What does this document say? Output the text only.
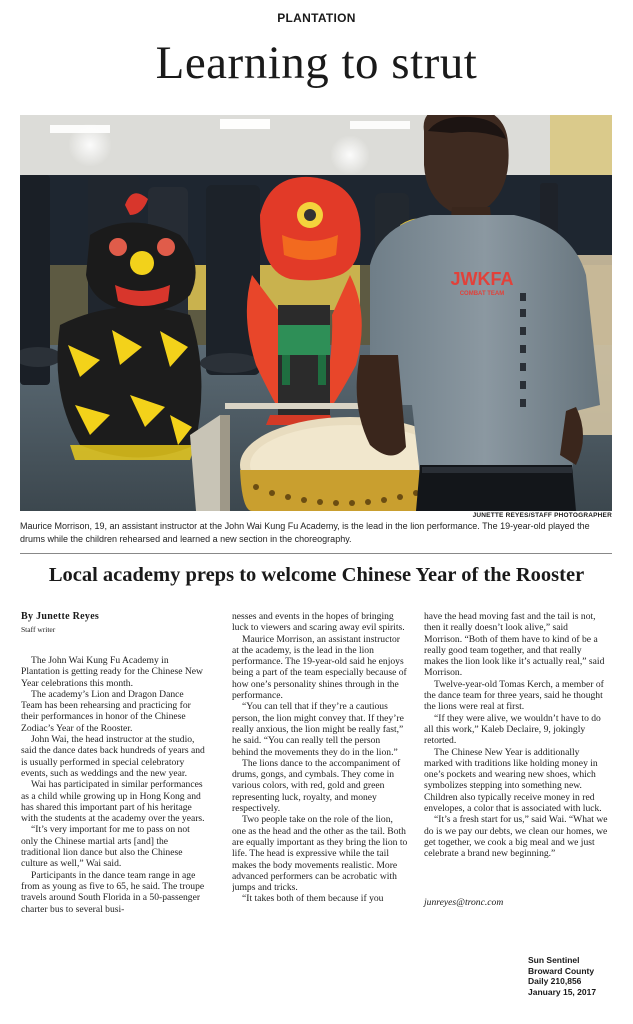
PLANTATION
Learning to strut
JWKFA
COMBAT TEAM
JUNETTE REYES/STAFF PHOTOGRAPHER
Maurice Morrison, 19, an assistant instructor at the John Wai Kung Fu Academy, is the lead in the lion performance. The 19-year-old played the drums while the children rehearsed and learned a new section in the choreography.
Local academy preps to welcome Chinese Year of the Rooster
By Junette Reyes
Staff writer

The John Wai Kung Fu Academy in Plantation is getting ready for the Chinese New Year celebrations this month.

The academy’s Lion and Dragon Dance Team has been rehearsing and practicing for their performances in honor of the Chinese Zodiac’s Year of the Rooster.

John Wai, the head instructor at the studio, said the dance dates back hundreds of years and is usually performed in special celebratory events, such as weddings and the new year.

Wai has participated in similar performances as a child while growing up in Hong Kong and has shared this important part of his heritage with the students at the academy over the years.

“It’s very important for me to pass on not only the Chinese martial arts [and] the traditional lion dance but also the Chinese culture as well,” Wai said.

Participants in the dance team range in age from as young as five to 65, he said. The troupe travels around South Florida in a 50-passenger charter bus to several busi-

nesses and events in the hopes of bringing luck to viewers and scaring away evil spirits.

Maurice Morrison, an assistant instructor at the academy, is the lead in the lion performance. The 19-year-old said he enjoys being a part of the team especially because of how one’s personality shines through in the performance.

“You can tell that if they’re a cautious person, the lion might convey that. If they’re really anxious, the lion might be really fast,” he said. “You can really tell the person behind the movements they do in the lion.”

The lions dance to the accompaniment of drums, gongs, and cymbals. They come in various colors, with red, gold and green representing luck, royalty, and money respectively.

Two people take on the role of the lion, one as the head and the other as the tail. Both are equally important as they bring the lion to life. The head is expressive while the tail makes the body movements realistic. More advanced performers can be acrobatic with jumps and tricks.

“It takes both of them because if you

have the head moving fast and the tail is not, then it really doesn’t look alive,” said Morrison. “Both of them have to kind of be a really good team together, and that really makes the lion look like it’s actually real,” said Morrison.

Twelve-year-old Tomas Kerch, a member of the dance team for three years, said he thought the lions were real at first.

“If they were alive, we wouldn’t have to do all this work,” Kaleb Declaire, 9, jokingly retorted.

The Chinese New Year is additionally marked with traditions like holding money in one’s pockets and wearing new shoes, which symbolizes stepping into something new. Children also typically receive money in red envelopes, a color that is associated with luck.

“It’s a fresh start for us,” said Wai. “What we do is we pay our debts, we clean our homes, we get together, we cook a big meal and we just celebrate a brand new beginning.”

junreyes@tronc.com
Sun Sentinel
Broward County
Daily 210,856
January 15, 2017
